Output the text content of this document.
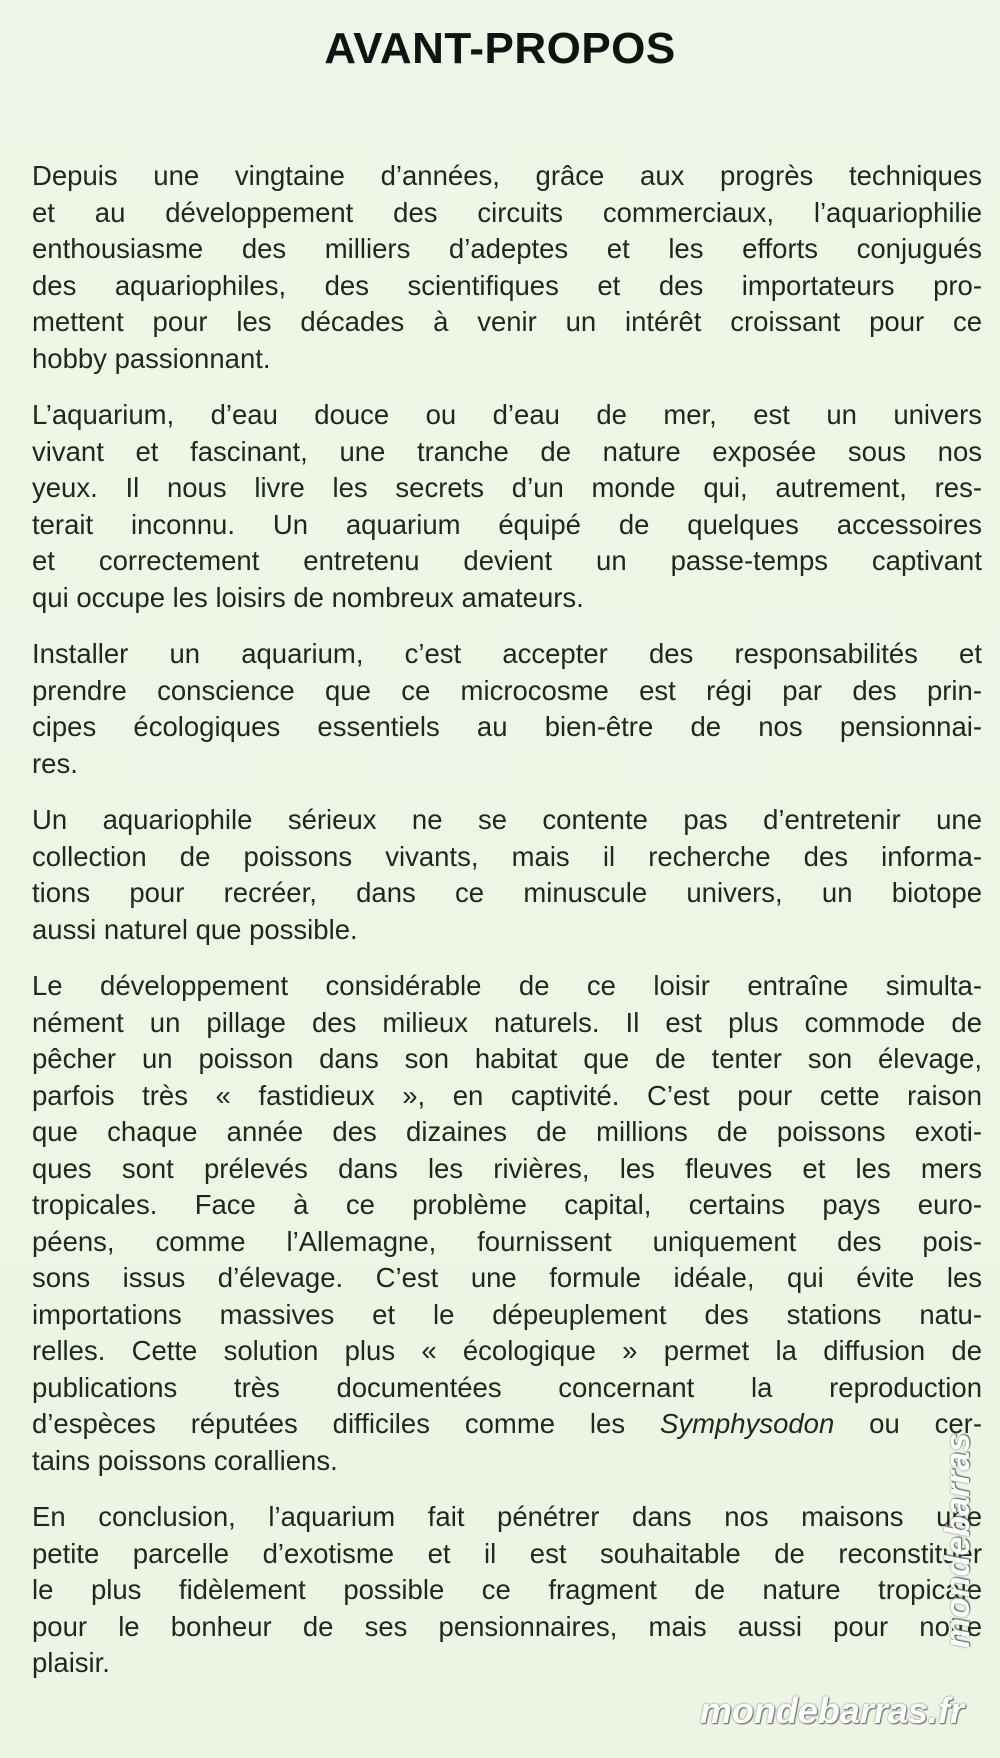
AVANT-PROPOS
Depuis une vingtaine d’années, grâce aux progrès techniques
et au développement des circuits commerciaux, l’aquariophilie
enthousiasme des milliers d’adeptes et les efforts conjugués
des aquariophiles, des scientifiques et des importateurs pro-
mettent pour les décades à venir un intérêt croissant pour ce
hobby passionnant.
L’aquarium, d’eau douce ou d’eau de mer, est un univers
vivant et fascinant, une tranche de nature exposée sous nos
yeux. Il nous livre les secrets d’un monde qui, autrement, res-
terait inconnu. Un aquarium équipé de quelques accessoires
et correctement entretenu devient un passe-temps captivant
qui occupe les loisirs de nombreux amateurs.
Installer un aquarium, c’est accepter des responsabilités et
prendre conscience que ce microcosme est régi par des prin-
cipes écologiques essentiels au bien-être de nos pensionnai-
res.
Un aquariophile sérieux ne se contente pas d’entretenir une
collection de poissons vivants, mais il recherche des informa-
tions pour recréer, dans ce minuscule univers, un biotope
aussi naturel que possible.
Le développement considérable de ce loisir entraîne simulta-
nément un pillage des milieux naturels. Il est plus commode de
pêcher un poisson dans son habitat que de tenter son élevage,
parfois très « fastidieux », en captivité. C’est pour cette raison
que chaque année des dizaines de millions de poissons exoti-
ques sont prélevés dans les rivières, les fleuves et les mers
tropicales. Face à ce problème capital, certains pays euro-
péens, comme l’Allemagne, fournissent uniquement des pois-
sons issus d’élevage. C’est une formule idéale, qui évite les
importations massives et le dépeuplement des stations natu-
relles. Cette solution plus « écologique » permet la diffusion de
publications très documentées concernant la reproduction
d’espèces réputées difficiles comme les Symphysodon ou cer-
tains poissons coralliens.
En conclusion, l’aquarium fait pénétrer dans nos maisons une
petite parcelle d’exotisme et il est souhaitable de reconstituer
le plus fidèlement possible ce fragment de nature tropicale
pour le bonheur de ses pensionnaires, mais aussi pour notre
plaisir.
mondebarras
mondebarras.fr
